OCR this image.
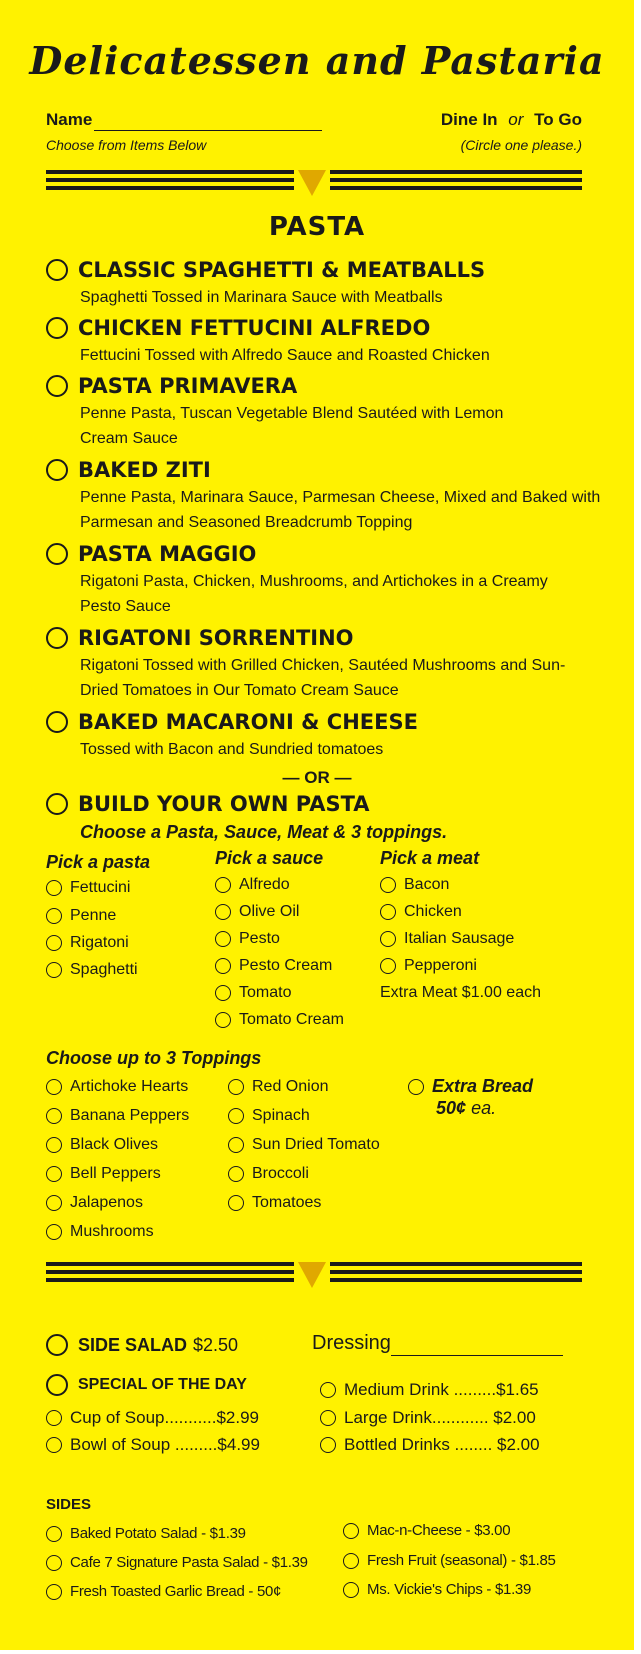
Delicatessen and Pastaria
Name
Choose from Items Below
Dine In or To Go
(Circle one please.)
PASTA
CLASSIC SPAGHETTI & MEATBALLS
Spaghetti Tossed in Marinara Sauce with Meatballs
CHICKEN FETTUCINI ALFREDO
Fettucini Tossed with Alfredo Sauce and Roasted Chicken
PASTA PRIMAVERA
Penne Pasta, Tuscan Vegetable Blend Sautéed with Lemon Cream Sauce
BAKED ZITI
Penne Pasta, Marinara Sauce, Parmesan Cheese, Mixed and Baked with Parmesan and Seasoned Breadcrumb Topping
PASTA MAGGIO
Rigatoni Pasta, Chicken, Mushrooms, and Artichokes in a Creamy Pesto Sauce
RIGATONI SORRENTINO
Rigatoni Tossed with Grilled Chicken, Sautéed Mushrooms and Sun-Dried Tomatoes in Our Tomato Cream Sauce
BAKED MACARONI & CHEESE
Tossed with Bacon and Sundried tomatoes
— OR —
BUILD YOUR OWN PASTA
Choose a Pasta, Sauce, Meat & 3 toppings.
Pick a pasta	Pick a sauce	Pick a meat
Fettucini
Penne
Rigatoni
Spaghetti
Alfredo
Olive Oil
Pesto
Pesto Cream
Tomato
Tomato Cream
Bacon
Chicken
Italian Sausage
Pepperoni
Extra Meat $1.00 each
Choose up to 3 Toppings
Artichoke Hearts
Banana Peppers
Black Olives
Bell Peppers
Jalapenos
Mushrooms
Red Onion
Spinach
Sun Dried Tomato
Broccoli
Tomatoes
Extra Bread
50¢ ea.
SIDE SALAD $2.50	Dressing
SPECIAL OF THE DAY
Cup of Soup...........$2.99
Bowl of Soup .........$4.99
Medium Drink .........$1.65
Large Drink............ $2.00
Bottled Drinks ........ $2.00
SIDES
Baked Potato Salad - $1.39
Cafe 7 Signature Pasta Salad - $1.39
Fresh Toasted Garlic Bread - 50¢
Mac-n-Cheese - $3.00
Fresh Fruit (seasonal) - $1.85
Ms. Vickie's Chips - $1.39
